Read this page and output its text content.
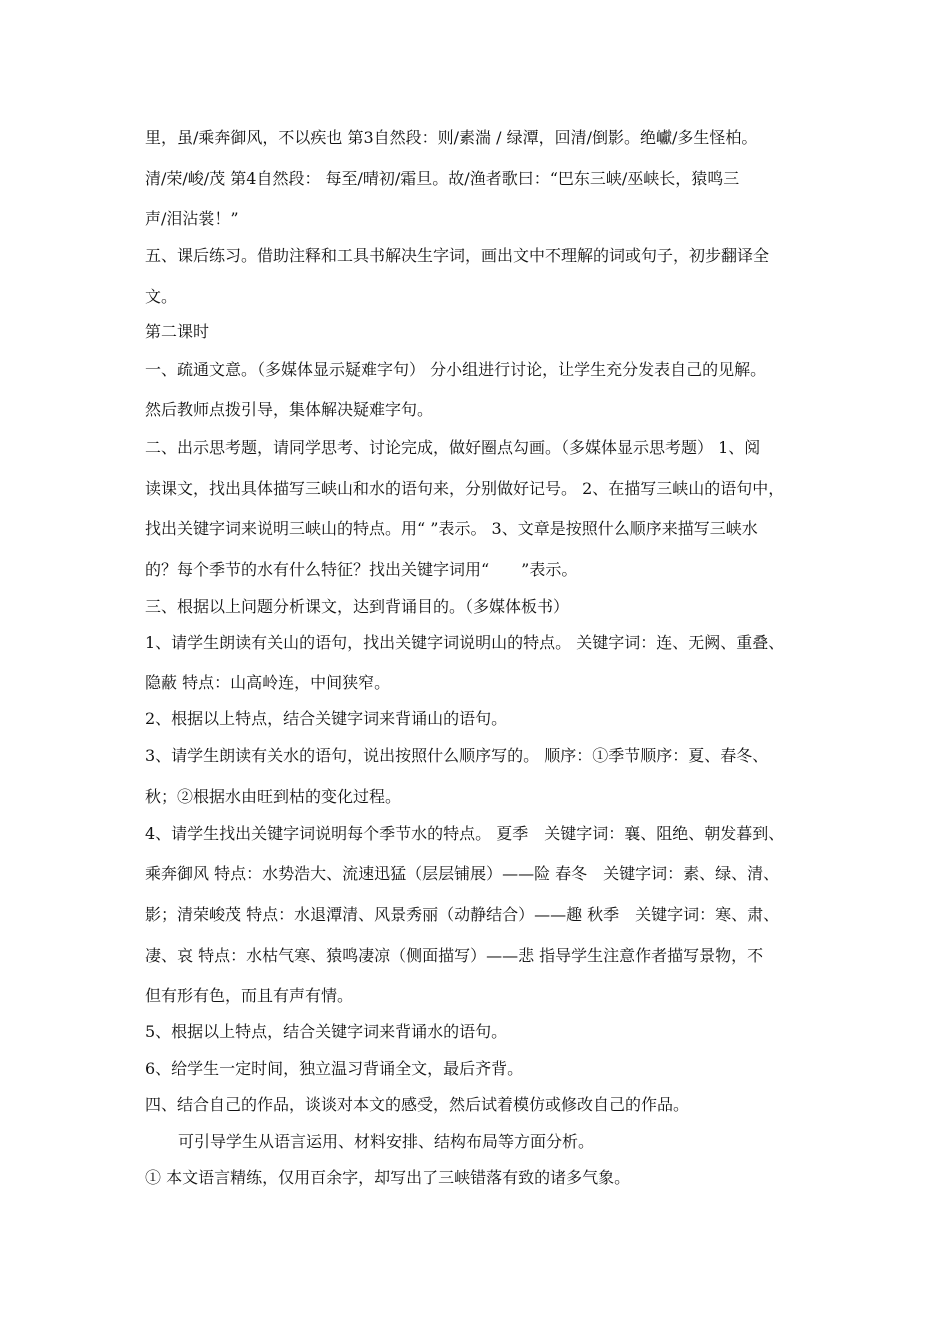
里，虽/乘奔御风，不以疾也 第3自然段：则/素湍 / 绿潭，回清/倒影。绝巘/多生怪柏。
清/荣/峻/茂 第4自然段： 每至/晴初/霜旦。故/渔者歌曰：“巴东三峡/巫峡长，猿鸣三
声/泪沾裳！”
五、课后练习。借助注释和工具书解决生字词，画出文中不理解的词或句子，初步翻译全
文。
第二课时
一、疏通文意。（多媒体显示疑难字句） 分小组进行讨论，让学生充分发表自己的见解。
然后教师点拨引导，集体解决疑难字句。
二、出示思考题，请同学思考、讨论完成，做好圈点勾画。（多媒体显示思考题） 1、阅
读课文，找出具体描写三峡山和水的语句来，分别做好记号。 2、在描写三峡山的语句中，
找出关键字词来说明三峡山的特点。用“ ”表示。 3、文章是按照什么顺序来描写三峡水
的？每个季节的水有什么特征？找出关键字词用“　　”表示。
三、根据以上问题分析课文，达到背诵目的。（多媒体板书）
1、请学生朗读有关山的语句，找出关键字词说明山的特点。 关键字词：连、无阙、重叠、
隐蔽 特点：山高岭连，中间狭窄。
2、根据以上特点，结合关键字词来背诵山的语句。
3、请学生朗读有关水的语句，说出按照什么顺序写的。 顺序：①季节顺序：夏、春冬、
秋；②根据水由旺到枯的变化过程。
4、请学生找出关键字词说明每个季节水的特点。 夏季　关键字词：襄、阻绝、朝发暮到、
乘奔御风 特点：水势浩大、流速迅猛（层层铺展）——险 春冬　关键字词：素、绿、清、
影；清荣峻茂 特点：水退潭清、风景秀丽（动静结合）——趣 秋季　关键字词：寒、肃、
凄、哀 特点：水枯气寒、猿鸣凄凉（侧面描写）——悲 指导学生注意作者描写景物，不
但有形有色，而且有声有情。
5、根据以上特点，结合关键字词来背诵水的语句。
6、给学生一定时间，独立温习背诵全文，最后齐背。
四、结合自己的作品，谈谈对本文的感受，然后试着模仿或修改自己的作品。
可引导学生从语言运用、材料安排、结构布局等方面分析。
① 本文语言精练，仅用百余字，却写出了三峡错落有致的诸多气象。
